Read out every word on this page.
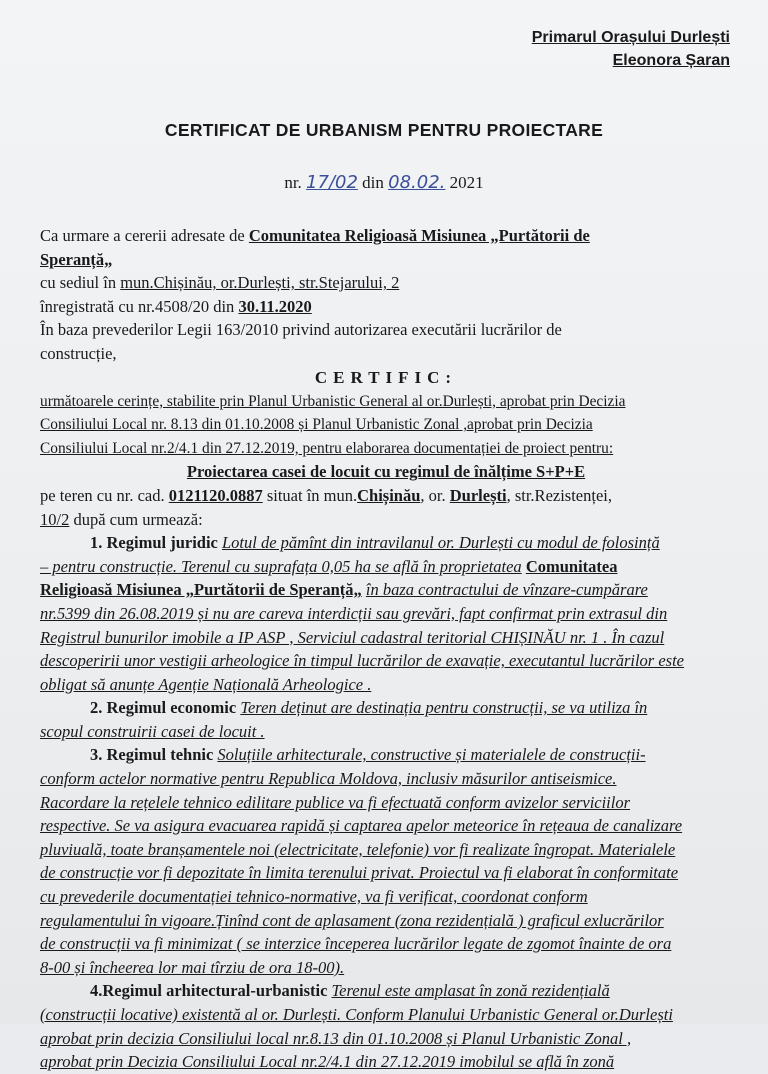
Primarul Orașului Durlești
Eleonora Șaran
CERTIFICAT DE URBANISM PENTRU PROIECTARE
nr. 17/02 din 08.02. 2021

Ca urmare a cererii adresate de Comunitatea Religioasă Misiunea „Purtătorii de

Speranță„

cu sediul în mun.Chișinău, or.Durlești, str.Stejarului, 2

înregistrată cu nr.4508/20 din 30.11.2020

În baza prevederilor Legii 163/2010 privind autorizarea executării lucrărilor de

construcție,

CERTIFIC:

următoarele cerințe, stabilite prin Planul Urbanistic General al or.Durlești, aprobat prin Decizia

Consiliului Local nr. 8.13 din 01.10.2008 și Planul Urbanistic Zonal ,aprobat prin Decizia

Consiliului Local nr.2/4.1 din 27.12.2019, pentru elaborarea documentației de proiect pentru:

Proiectarea casei de locuit cu regimul de înălțime S+P+E

pe teren cu nr. cad. 0121120.0887 situat în mun.Chișinău, or. Durlești, str.Rezistenței,

10/2 după cum urmează:

1. Regimul juridic Lotul de pămînt din intravilanul or. Durlești cu modul de folosință

– pentru construcție. Terenul cu suprafața 0,05 ha se află în proprietatea Comunitatea

Religioasă Misiunea „Purtătorii de Speranță„ în baza contractului de vînzare-cumpărare

nr.5399 din 26.08.2019 și nu are careva interdicții sau grevări, fapt confirmat prin extrasul din

Registrul bunurilor imobile a IP ASP , Serviciul cadastral teritorial CHIȘINĂU nr. 1 . În cazul

descoperirii unor vestigii arheologice în timpul lucrărilor de exavație, executantul lucrărilor este

obligat să anunțe Agenție Națională Arheologice .

2. Regimul economic Teren deținut are destinația pentru construcții, se va utiliza în

scopul construirii casei de locuit .

3. Regimul tehnic Soluțiile arhitecturale, constructive și materialele de construcții-

conform actelor normative pentru Republica Moldova, inclusiv măsurilor antiseismice.

Racordare la rețelele tehnico edilitare publice va fi efectuată conform avizelor serviciilor

respective. Se va asigura evacuarea rapidă și captarea apelor meteorice în rețeaua de canalizare

pluviuală, toate branșamentele noi (electricitate, telefonie) vor fi realizate îngropat. Materialele

de construcție vor fi depozitate în limita terenului privat. Proiectul va fi elaborat în conformitate

cu prevederile documentației tehnico-normative, va fi verificat, coordonat conform

regulamentului în vigoare.Ținînd cont de aplasament (zona rezidențială ) graficul exlucrărilor

de construcții va fi minimizat ( se interzice începerea lucrărilor legate de zgomot înainte de ora

8-00 și încheerea lor mai tîrziu de ora 18-00).

4.Regimul arhitectural-urbanistic Terenul este amplasat în zonă rezidențială

(construcții locative) existentă al or. Durlești. Conform Planului Urbanistic General or.Durlești

aprobat prin decizia Consiliului local nr.8.13 din 01.10.2008 și Planul Urbanistic Zonal ,

aprobat prin Decizia Consiliului Local nr.2/4.1 din 27.12.2019 imobilul se află în zonă
